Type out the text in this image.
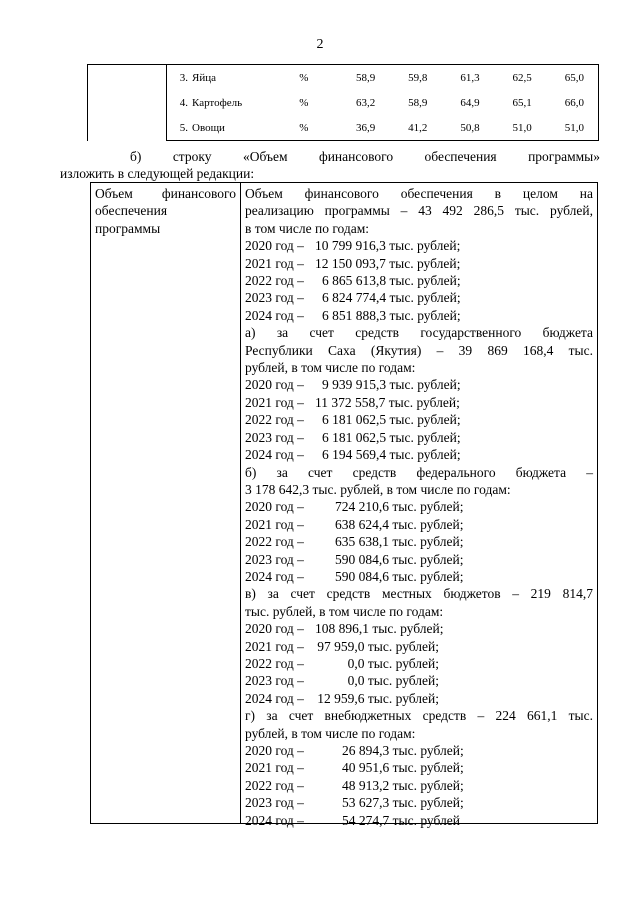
2
	3.	Яйца	%	58,9	59,8	61,3	62,5	65,0
	4.	Картофель	%	63,2	58,9	64,9	65,1	66,0
	5.	Овощи	%	36,9	41,2	50,8	51,0	51,0
б) строку «Объем финансового обеспечения программы»
изложить в следующей редакции:
Объем финансового
обеспечения
программы
Объем финансового обеспечения в целом на
реализацию программы – 43 492 286,5 тыс. рублей,
в том числе по годам:
2020 год – 10 799 916,3 тыс. рублей;
2021 год – 12 150 093,7 тыс. рублей;
2022 год – 6 865 613,8 тыс. рублей;
2023 год – 6 824 774,4 тыс. рублей;
2024 год – 6 851 888,3 тыс. рублей;
а) за счет средств государственного бюджета
Республики Саха (Якутия) – 39 869 168,4 тыс.
рублей, в том числе по годам:
2020 год – 9 939 915,3 тыс. рублей;
2021 год – 11 372 558,7 тыс. рублей;
2022 год – 6 181 062,5 тыс. рублей;
2023 год – 6 181 062,5 тыс. рублей;
2024 год – 6 194 569,4 тыс. рублей;
б) за счет средств федерального бюджета –
3 178 642,3 тыс. рублей, в том числе по годам:
2020 год – 724 210,6 тыс. рублей;
2021 год – 638 624,4 тыс. рублей;
2022 год – 635 638,1 тыс. рублей;
2023 год – 590 084,6 тыс. рублей;
2024 год – 590 084,6 тыс. рублей;
в) за счет средств местных бюджетов – 219 814,7
тыс. рублей, в том числе по годам:
2020 год – 108 896,1 тыс. рублей;
2021 год – 97 959,0 тыс. рублей;
2022 год –	0,0 тыс. рублей;
2023 год –	0,0 тыс. рублей;
2024 год – 12 959,6 тыс. рублей;
г) за счет внебюджетных средств – 224 661,1 тыс.
рублей, в том числе по годам:
2020 год –	26 894,3 тыс. рублей;
2021 год –	40 951,6 тыс. рублей;
2022 год –	48 913,2 тыс. рублей;
2023 год –	53 627,3 тыс. рублей;
2024 год –	54 274,7 тыс. рублей
